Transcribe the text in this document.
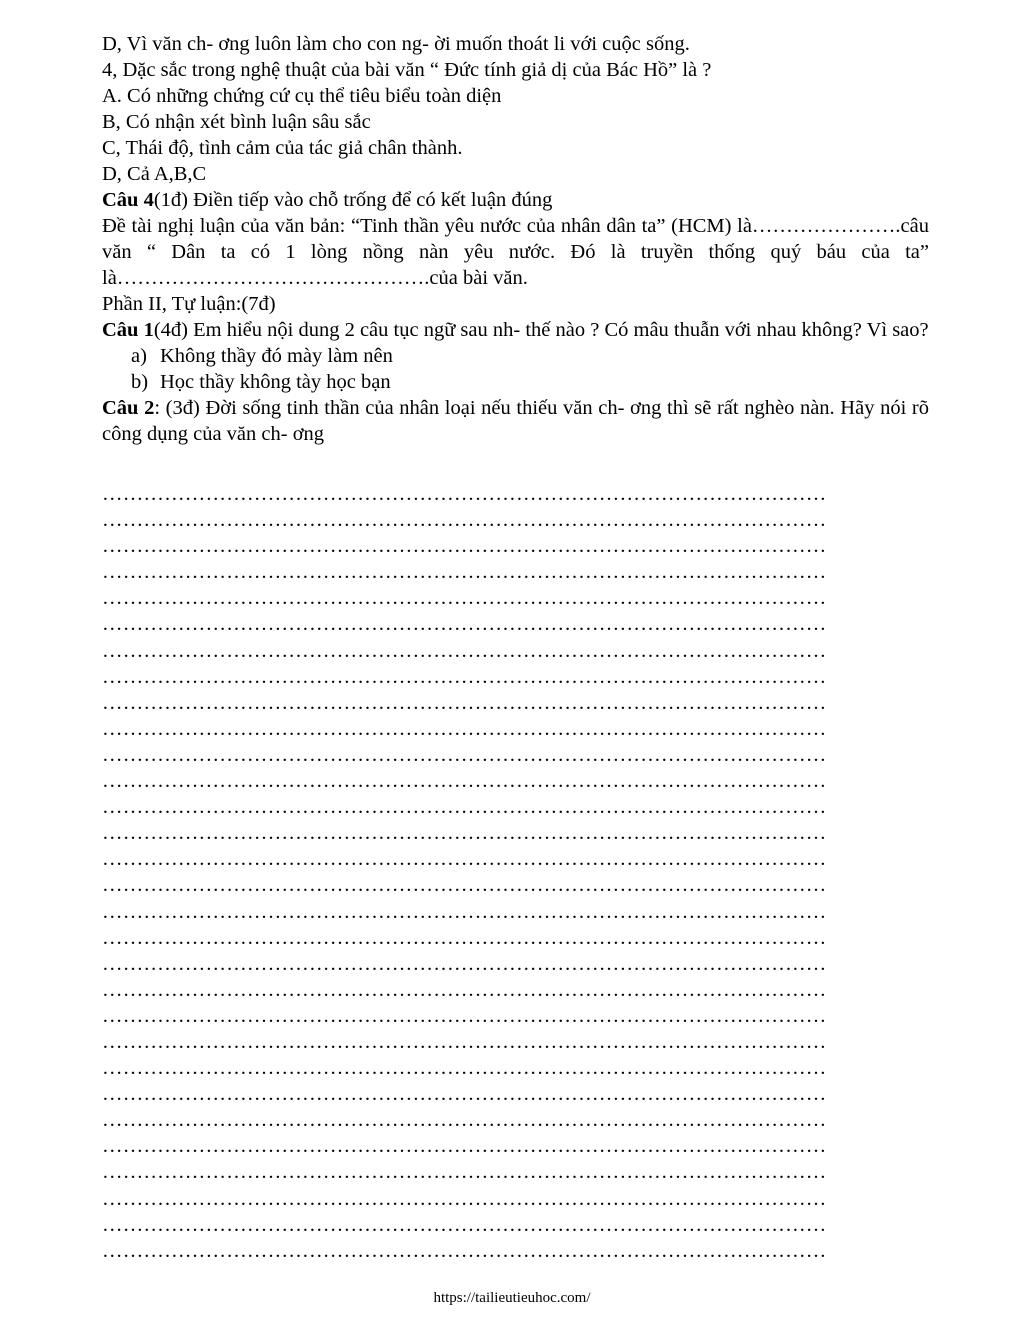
D, Vì văn ch- ơng luôn làm cho con ng- ời muốn thoát li với cuộc sống.
4, Dặc sắc trong nghệ thuật của bài văn “ Đức tính giả dị của Bác Hồ” là ?
A. Có những chứng cứ cụ thể tiêu biểu toàn diện
B, Có nhận xét bình luận sâu sắc
C, Thái độ, tình cảm của tác giả chân thành.
D, Cả A,B,C
Câu 4(1đ) Điền tiếp vào chỗ trống để có kết luận đúng
Đề tài nghị luận của văn bản: “Tinh thần yêu nước của nhân dân ta” (HCM) là………………….câu văn “ Dân ta có 1 lòng nồng nàn yêu nước. Đó là truyền thống quý báu của ta” là……………………………………….của bài văn.
Phần II, Tự luận:(7đ)
Câu 1(4đ) Em hiểu nội dung 2 câu tục ngữ sau nh- thế nào ? Có mâu thuẫn với nhau không? Vì sao?
a) Không thầy đó mày làm nên
b) Học thầy không tày học bạn
Câu 2: (3đ) Đời sống tinh thần của nhân loại nếu thiếu văn ch- ơng thì sẽ rất nghèo nàn. Hãy nói rõ công dụng của văn ch- ơng
……………………………………………………………………………………………
……………………………………………………………………………………………
……………………………………………………………………………………………
……………………………………………………………………………………………
……………………………………………………………………………………………
……………………………………………………………………………………………
……………………………………………………………………………………………
……………………………………………………………………………………………
……………………………………………………………………………………………
……………………………………………………………………………………………
……………………………………………………………………………………………
……………………………………………………………………………………………
……………………………………………………………………………………………
……………………………………………………………………………………………
……………………………………………………………………………………………
……………………………………………………………………………………………
……………………………………………………………………………………………
……………………………………………………………………………………………
……………………………………………………………………………………………
……………………………………………………………………………………………
……………………………………………………………………………………………
……………………………………………………………………………………………
……………………………………………………………………………………………
……………………………………………………………………………………………
……………………………………………………………………………………………
……………………………………………………………………………………………
……………………………………………………………………………………………
……………………………………………………………………………………………
……………………………………………………………………………………………
……………………………………………………………………………………………
https://tailieutieuhoc.com/
